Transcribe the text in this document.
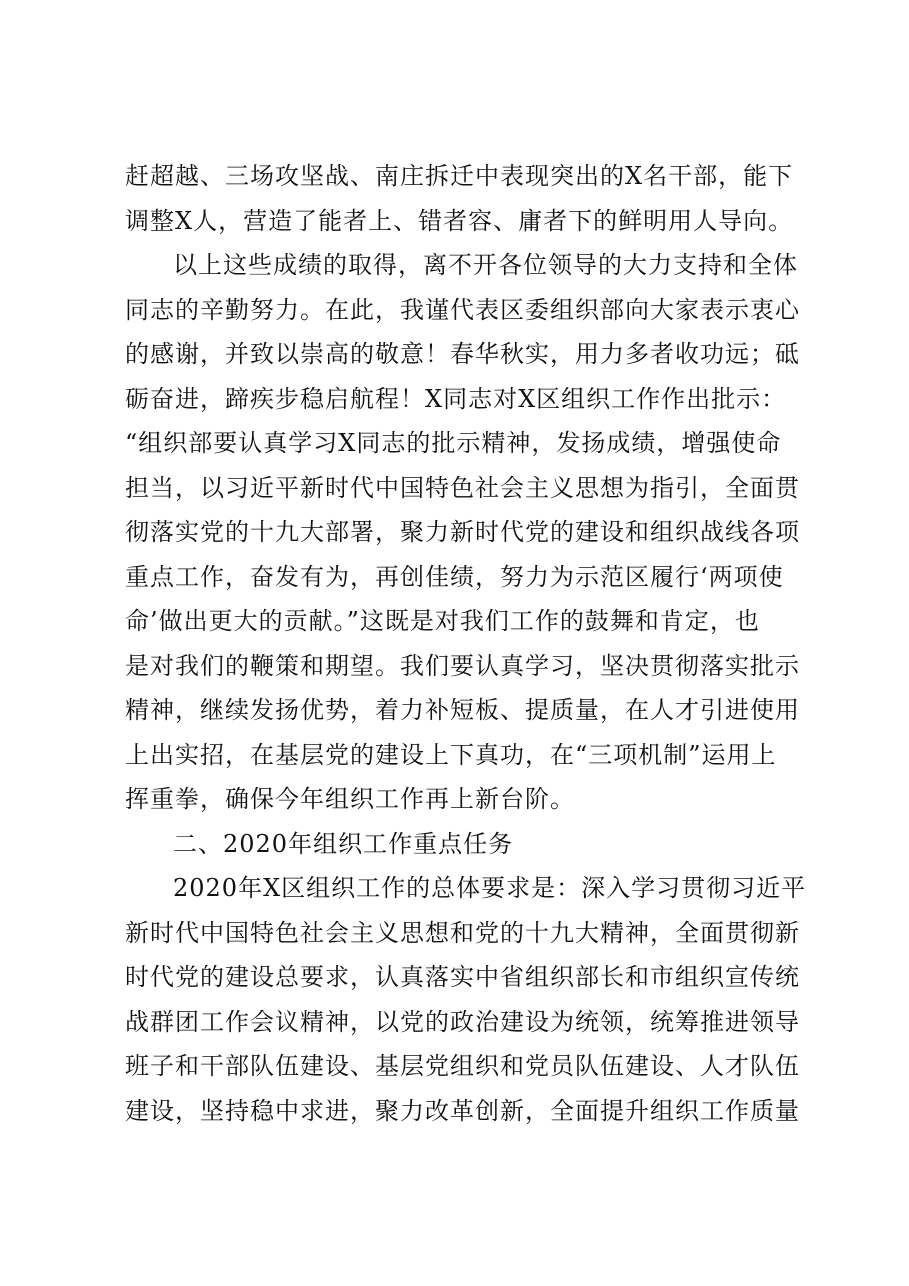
赶超越、三场攻坚战、南庄拆迁中表现突出的X名干部，能下
调整X人，营造了能者上、错者容、庸者下的鲜明用人导向。
以上这些成绩的取得，离不开各位领导的大力支持和全体
同志的辛勤努力。在此，我谨代表区委组织部向大家表示衷心
的感谢，并致以崇高的敬意！春华秋实，用力多者收功远；砥
砺奋进，蹄疾步稳启航程！X同志对X区组织工作作出批示：
“组织部要认真学习X同志的批示精神，发扬成绩，增强使命
担当，以习近平新时代中国特色社会主义思想为指引，全面贯
彻落实党的十九大部署，聚力新时代党的建设和组织战线各项
重点工作，奋发有为，再创佳绩，努力为示范区履行‘两项使
命’做出更大的贡献。”这既是对我们工作的鼓舞和肯定，也
是对我们的鞭策和期望。我们要认真学习，坚决贯彻落实批示
精神，继续发扬优势，着力补短板、提质量，在人才引进使用
上出实招，在基层党的建设上下真功，在“三项机制”运用上
挥重拳，确保今年组织工作再上新台阶。
二、2020年组织工作重点任务
2020年X区组织工作的总体要求是：深入学习贯彻习近平
新时代中国特色社会主义思想和党的十九大精神，全面贯彻新
时代党的建设总要求，认真落实中省组织部长和市组织宣传统
战群团工作会议精神，以党的政治建设为统领，统筹推进领导
班子和干部队伍建设、基层党组织和党员队伍建设、人才队伍
建设，坚持稳中求进，聚力改革创新，全面提升组织工作质量
